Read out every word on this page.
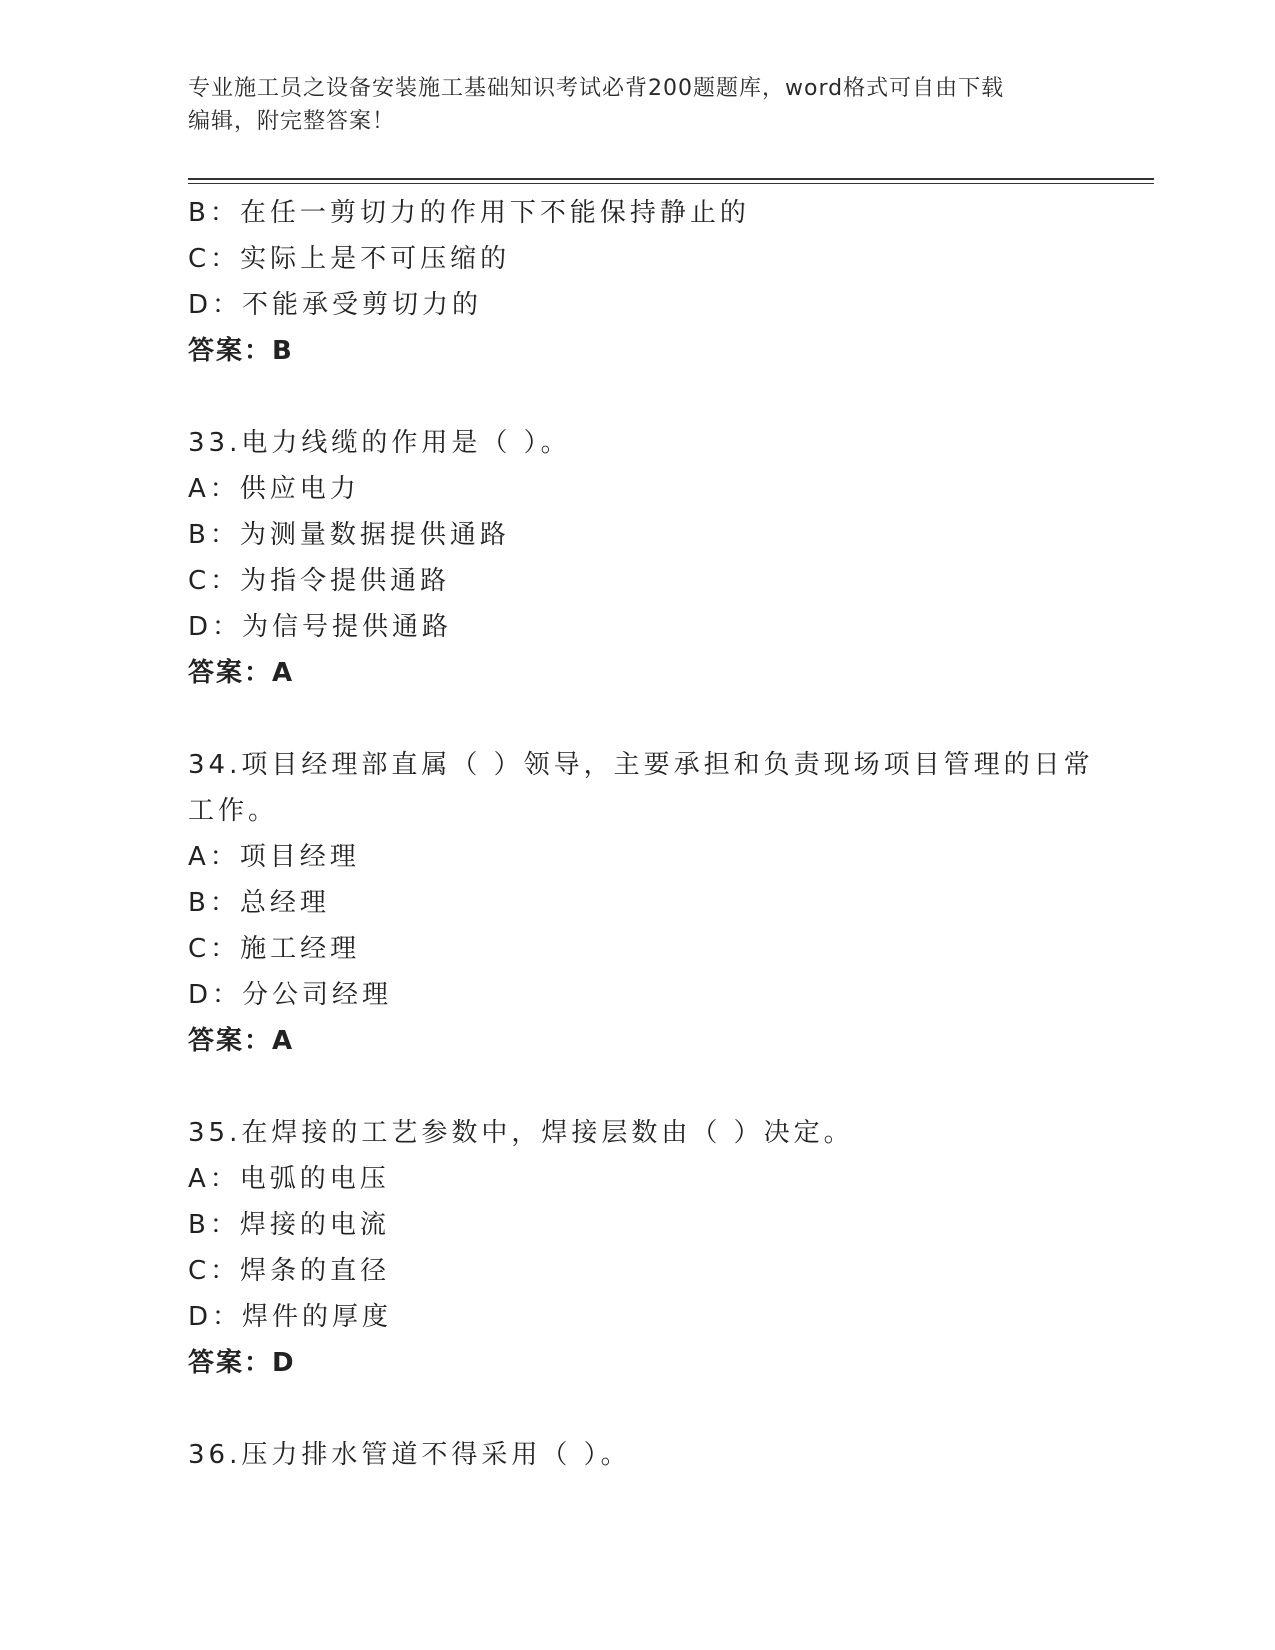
专业施工员之设备安装施工基础知识考试必背200题题库，word格式可自由下载
编辑，附完整答案！
B：在任一剪切力的作用下不能保持静止的
C：实际上是不可压缩的
D：不能承受剪切力的
答案：B
33.电力线缆的作用是（ ）。
A：供应电力
B：为测量数据提供通路
C：为指令提供通路
D：为信号提供通路
答案：A
34.项目经理部直属（ ）领导，主要承担和负责现场项目管理的日常
工作。
A：项目经理
B：总经理
C：施工经理
D：分公司经理
答案：A
35.在焊接的工艺参数中，焊接层数由（ ）决定。
A：电弧的电压
B：焊接的电流
C：焊条的直径
D：焊件的厚度
答案：D
36.压力排水管道不得采用（ ）。
